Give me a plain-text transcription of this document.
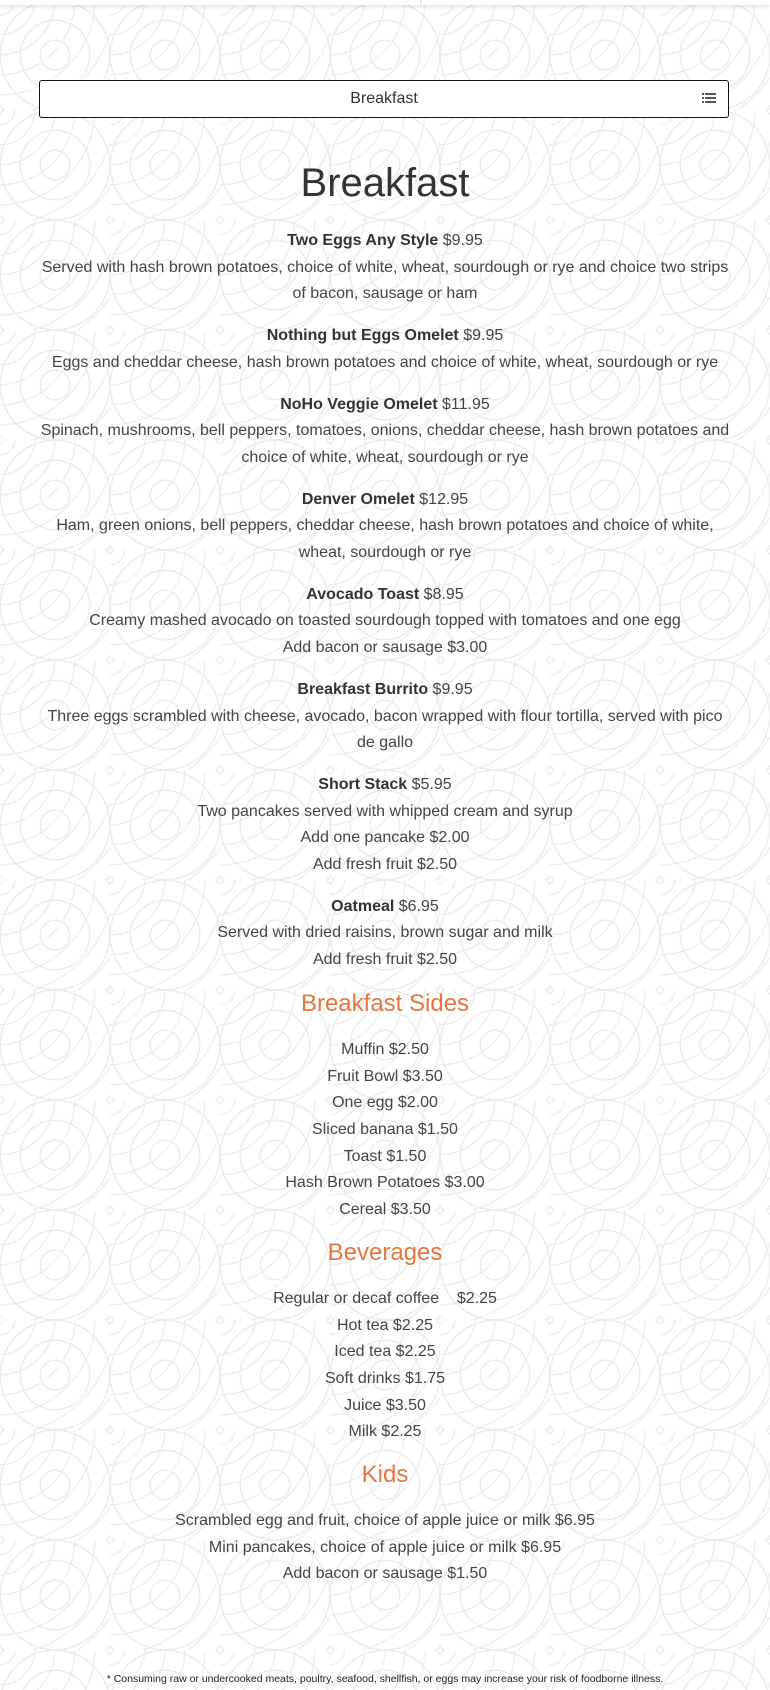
Breakfast
Breakfast
Two Eggs Any Style $9.95
Served with hash brown potatoes, choice of white, wheat, sourdough or rye and choice two strips of bacon, sausage or ham
Nothing but Eggs Omelet $9.95
Eggs and cheddar cheese, hash brown potatoes and choice of white, wheat, sourdough or rye
NoHo Veggie Omelet $11.95
Spinach, mushrooms, bell peppers, tomatoes, onions, cheddar cheese, hash brown potatoes and choice of white, wheat, sourdough or rye
Denver Omelet $12.95
Ham, green onions, bell peppers, cheddar cheese, hash brown potatoes and choice of white, wheat, sourdough or rye
Avocado Toast $8.95
Creamy mashed avocado on toasted sourdough topped with tomatoes and one egg
Add bacon or sausage $3.00
Breakfast Burrito $9.95
Three eggs scrambled with cheese, avocado, bacon wrapped with flour tortilla, served with pico de gallo
Short Stack $5.95
Two pancakes served with whipped cream and syrup
Add one pancake $2.00
Add fresh fruit $2.50
Oatmeal $6.95
Served with dried raisins, brown sugar and milk
Add fresh fruit $2.50
Breakfast Sides
Muffin $2.50
Fruit Bowl $3.50
One egg $2.00
Sliced banana $1.50
Toast $1.50
Hash Brown Potatoes $3.00
Cereal $3.50
Beverages
Regular or decaf coffee    $2.25
Hot tea $2.25
Iced tea $2.25
Soft drinks $1.75
Juice $3.50
Milk $2.25
Kids
Scrambled egg and fruit, choice of apple juice or milk $6.95
Mini pancakes, choice of apple juice or milk $6.95
Add bacon or sausage $1.50
* Consuming raw or undercooked meats, poultry, seafood, shellfish, or eggs may increase your risk of foodborne illness.
